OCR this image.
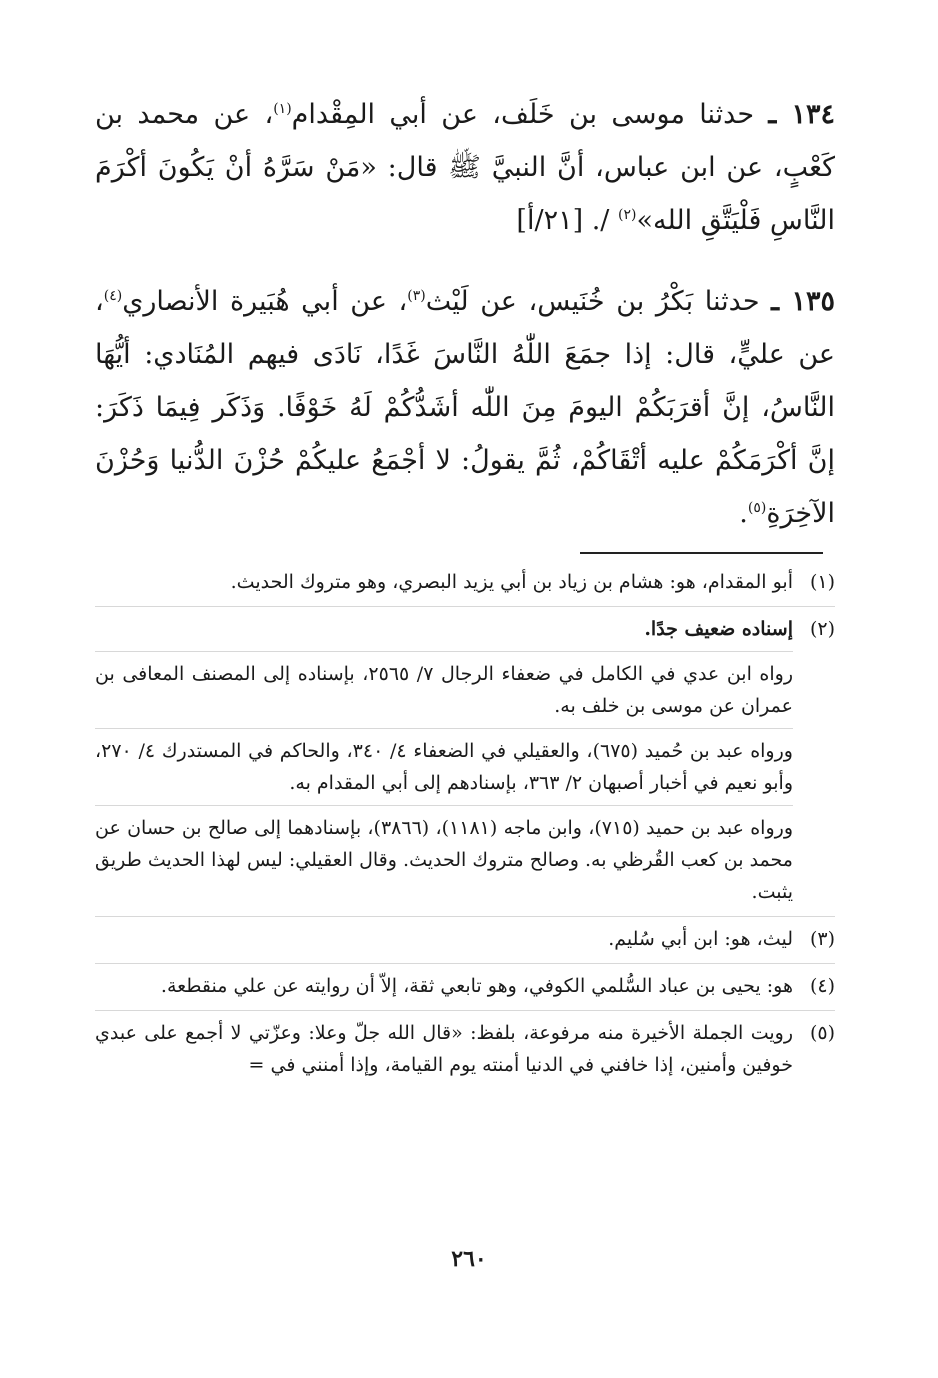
١٣٤ ـ حدثنا موسى بن خَلَف، عن أبي المِقْدام$^{(١)}$، عن محمد بن كَعْبٍ، عن ابن عباس، أنَّ النبيَّ ﷺ قال: «مَنْ سَرَّهُ أنْ يَكُونَ أكْرَمَ النَّاسِ فَلْيَتَّقِ الله»$^{(٢)}$ /. [٢١/أ]

١٣٥ ـ حدثنا بَكْرُ بن خُنَيس، عن لَيْث$^{(٣)}$، عن أبي هُبَيرة الأنصاري$^{(٤)}$، عن عليٍّ، قال: إذا جمَعَ اللّٰهُ النَّاسَ غَدًا، نَادَى فيهم المُنَادي: أيُّهَا النَّاسُ، إنَّ أقرَبَكُمْ اليومَ مِنَ اللّٰه أشَدُّكُمْ لَهُ خَوْفًا. وَذَكَر فِيمَا ذَكَرَ: إنَّ أكْرَمَكُمْ عليه أتْقَاكُمْ، ثُمَّ يقولُ: لا أجْمَعُ عليكُمْ حُزْنَ الدُّنيا وَحُزْنَ الآخِرَةِ$^{(٥)}$.

(١)

أبو المقدام، هو: هشام بن زياد بن أبي يزيد البصري، وهو متروك الحديث.

(٢)

إسناده ضعيف جدًا.

رواه ابن عدي في الكامل في ضعفاء الرجال ٧/ ٢٥٦٥، بإسناده إلى المصنف المعافى بن عمران عن موسى بن خلف به.

ورواه عبد بن حُميد (٦٧٥)، والعقيلي في الضعفاء ٤/ ٣٤٠، والحاكم في المستدرك ٤/ ٢٧٠، وأبو نعيم في أخبار أصبهان ٢/ ٣٦٣، بإسنادهم إلى أبي المقدام به.

ورواه عبد بن حميد (٧١٥)، وابن ماجه (١١٨١)، (٣٨٦٦)، بإسنادهما إلى صالح بن حسان عن محمد بن كعب القُرظي به. وصالح متروك الحديث. وقال العقيلي: ليس لهذا الحديث طريق يثبت.

(٣)

ليث، هو: ابن أبي سُليم.

(٤)

هو: يحيى بن عباد السُّلمي الكوفي، وهو تابعي ثقة، إلاّ أن روايته عن علي منقطعة.

(٥)

رويت الجملة الأخيرة منه مرفوعة، بلفظ: «قال الله جلّ وعلا: وعزّتي لا أجمع على عبدي خوفين وأمنين، إذا خافني في الدنيا أمنته يوم القيامة، وإذا أمنني في =

٢٦٠
